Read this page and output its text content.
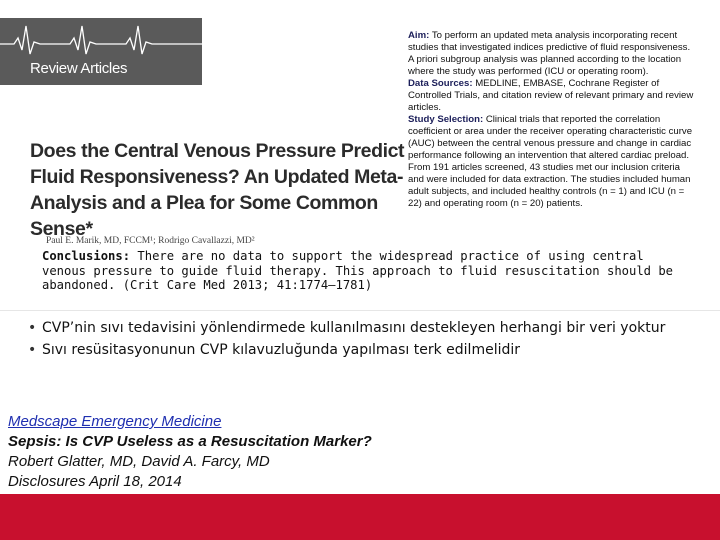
Review Articles

Aim: To perform an updated meta analysis incorporating recent studies that investigated indices predictive of fluid responsiveness. A priori subgroup analysis was planned according to the location where the study was performed (ICU or operating room).

Data Sources: MEDLINE, EMBASE, Cochrane Register of Controlled Trials, and citation review of relevant primary and review articles.

Study Selection: Clinical trials that reported the correlation coefficient or area under the receiver operating characteristic curve (AUC) between the central venous pressure and change in cardiac performance following an intervention that altered cardiac preload. From 191 articles screened, 43 studies met our inclusion criteria and were included for data extraction. The studies included human adult subjects, and included healthy controls (n = 1) and ICU (n = 22) and operating room (n = 20) patients.

Does the Central Venous Pressure Predict Fluid Responsiveness? An Updated Meta-Analysis and a Plea for Some Common Sense*
Paul E. Marik, MD, FCCM¹; Rodrigo Cavallazzi, MD²
Conclusions: There are no data to support the widespread practice of using central venous pressure to guide fluid therapy. This approach to fluid resuscitation should be abandoned. (Crit Care Med 2013; 41:1774–1781)
• CVP’nin sıvı tedavisini yönlendirmede kullanılmasını destekleyen herhangi bir veri yoktur
• Sıvı resüsitasyonunun CVP kılavuzluğunda yapılması terk edilmelidir
Medscape Emergency Medicine
Sepsis: Is CVP Useless as a Resuscitation Marker?
Robert Glatter, MD, David A. Farcy, MD
Disclosures April 18, 2014
